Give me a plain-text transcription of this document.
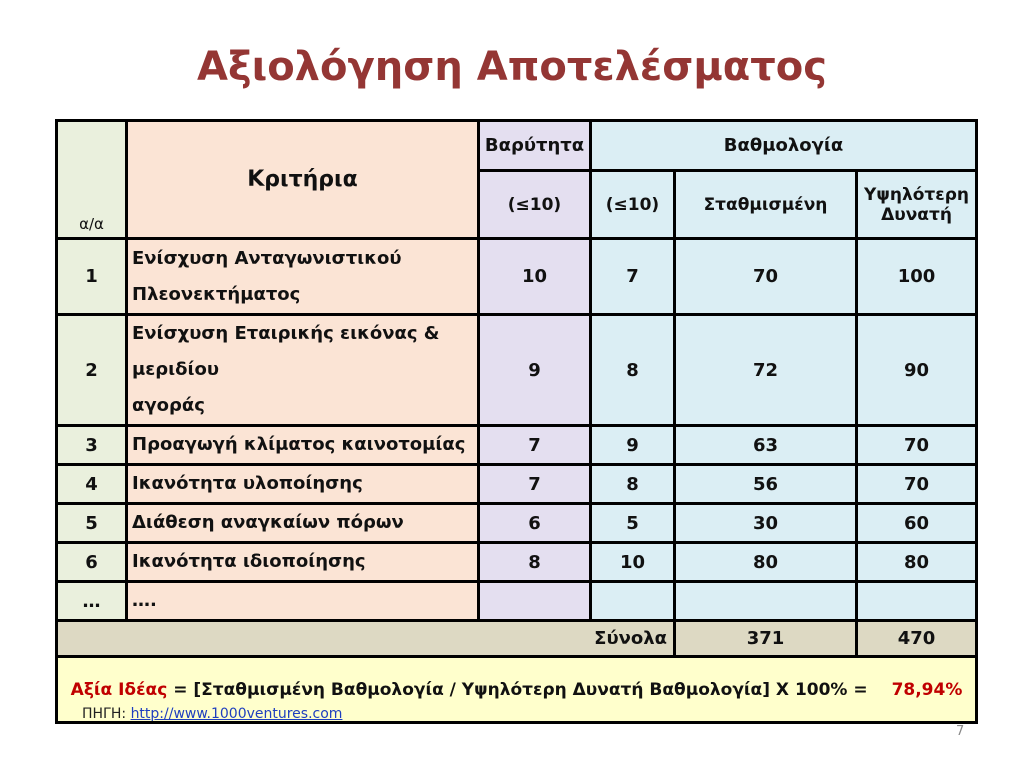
Αξιολόγηση Αποτελέσματος
α/α	Κριτήρια	Βαρύτητα	Βαθμολογία		
		(≤10)	(≤10)	Σταθμισμένη	Υψηλότερη
Δυνατή

1	Ενίσχυση Ανταγωνιστικού
Πλεονεκτήματος	10	7	70	100
2	Ενίσχυση Εταιρικής εικόνας & μεριδίου
αγοράς	9	8	72	90
3	Προαγωγή κλίματος καινοτομίας	7	9	63	70
4	Ικανότητα υλοποίησης	7	8	56	70
5	Διάθεση αναγκαίων πόρων	6	5	30	60
6	Ικανότητα ιδιοποίησης	8	10	80	80
…	….				
Σύνολα				371	470
Αξία Ιδέας = [Σταθμισμένη Βαθμολογία / Υψηλότερη Δυνατή Βαθμολογία] Χ 100% = 78,94%					
ΠΗΓΗ: http://www.1000ventures.com
7
